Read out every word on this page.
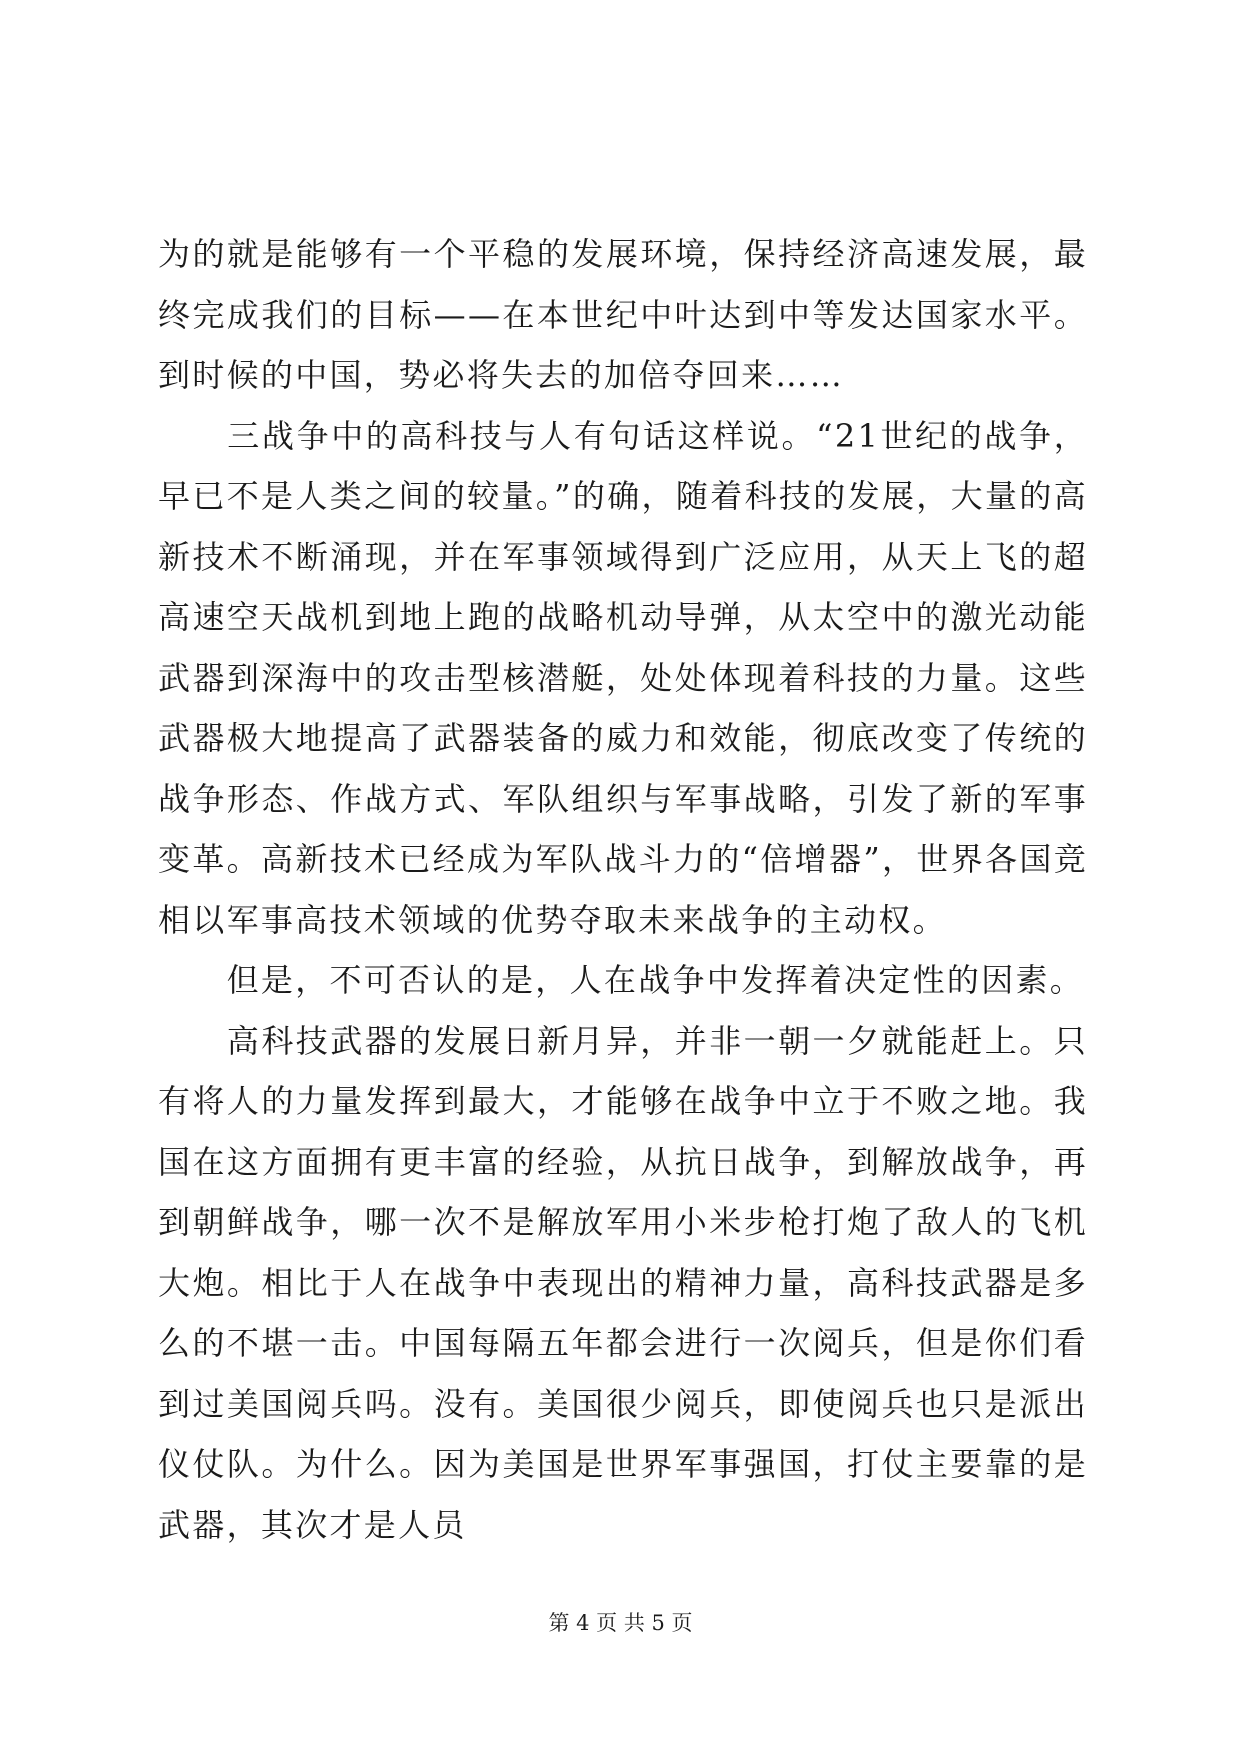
为的就是能够有一个平稳的发展环境，保持经济高速发展，最终完成我们的目标——在本世纪中叶达到中等发达国家水平。到时候的中国，势必将失去的加倍夺回来……

　　三战争中的高科技与人有句话这样说。“21世纪的战争，早已不是人类之间的较量。”的确，随着科技的发展，大量的高新技术不断涌现，并在军事领域得到广泛应用，从天上飞的超高速空天战机到地上跑的战略机动导弹，从太空中的激光动能武器到深海中的攻击型核潜艇，处处体现着科技的力量。这些武器极大地提高了武器装备的威力和效能，彻底改变了传统的战争形态、作战方式、军队组织与军事战略，引发了新的军事变革。高新技术已经成为军队战斗力的“倍增器”，世界各国竞相以军事高技术领域的优势夺取未来战争的主动权。

　　但是，不可否认的是，人在战争中发挥着决定性的因素。

　　高科技武器的发展日新月异，并非一朝一夕就能赶上。只有将人的力量发挥到最大，才能够在战争中立于不败之地。我国在这方面拥有更丰富的经验，从抗日战争，到解放战争，再到朝鲜战争，哪一次不是解放军用小米步枪打炮了敌人的飞机大炮。相比于人在战争中表现出的精神力量，高科技武器是多么的不堪一击。中国每隔五年都会进行一次阅兵，但是你们看到过美国阅兵吗。没有。美国很少阅兵，即使阅兵也只是派出仪仗队。为什么。因为美国是世界军事强国，打仗主要靠的是武器，其次才是人员

第 4 页 共 5 页
